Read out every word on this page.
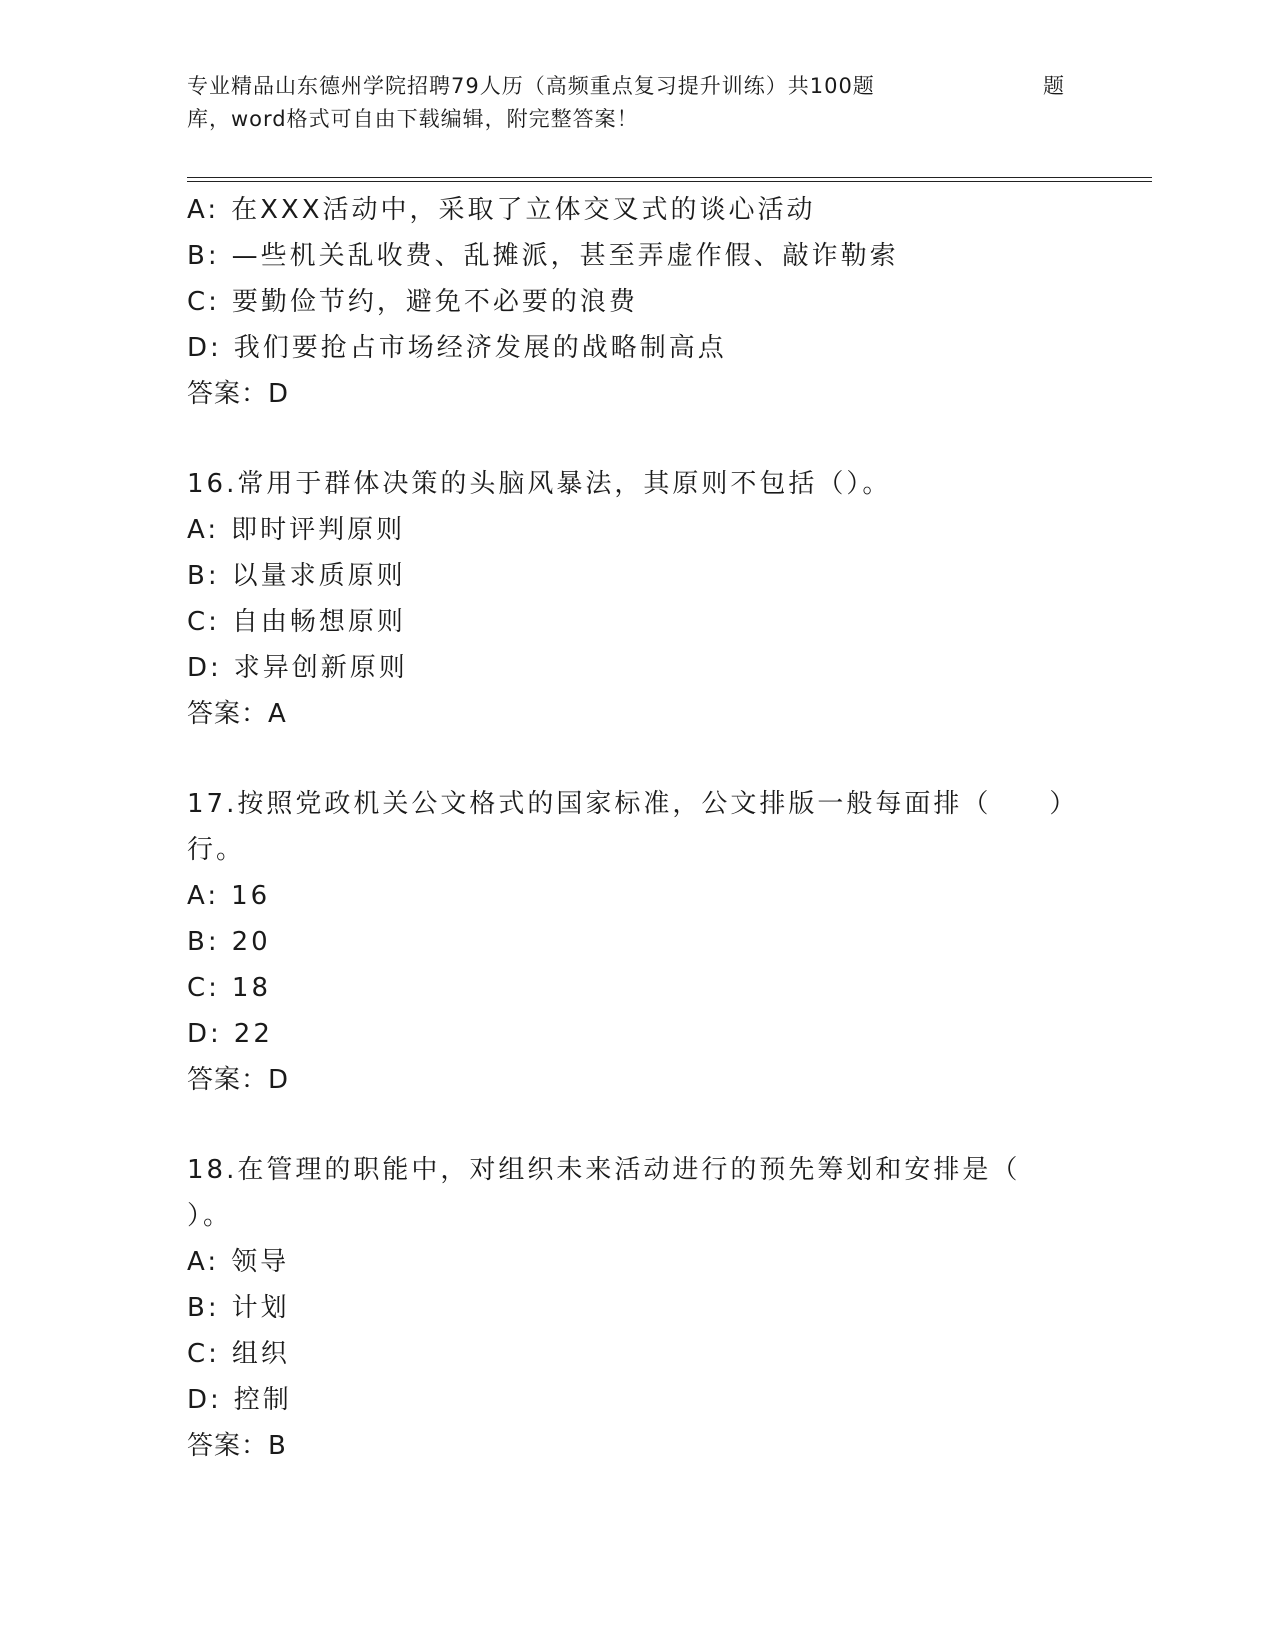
专业精品山东德州学院招聘79人历（高频重点复习提升训练）共100题	题
库，word格式可自由下载编辑，附完整答案！
A: 在XXX活动中，采取了立体交叉式的谈心活动
B: —些机关乱收费、乱摊派，甚至弄虚作假、敲诈勒索
C: 要勤俭节约，避免不必要的浪费
D: 我们要抢占市场经济发展的战略制高点
答案：D
16.常用于群体决策的头脑风暴法，其原则不包括（）。
A: 即时评判原则
B: 以量求质原则
C: 自由畅想原则
D: 求异创新原则
答案：A
17.按照党政机关公文格式的国家标准，公文排版一般每面排（　　）
行。
A: 16
B: 20
C: 18
D: 22
答案：D
18.在管理的职能中，对组织未来活动进行的预先筹划和安排是（
）。
A: 领导
B: 计划
C: 组织
D: 控制
答案：B
